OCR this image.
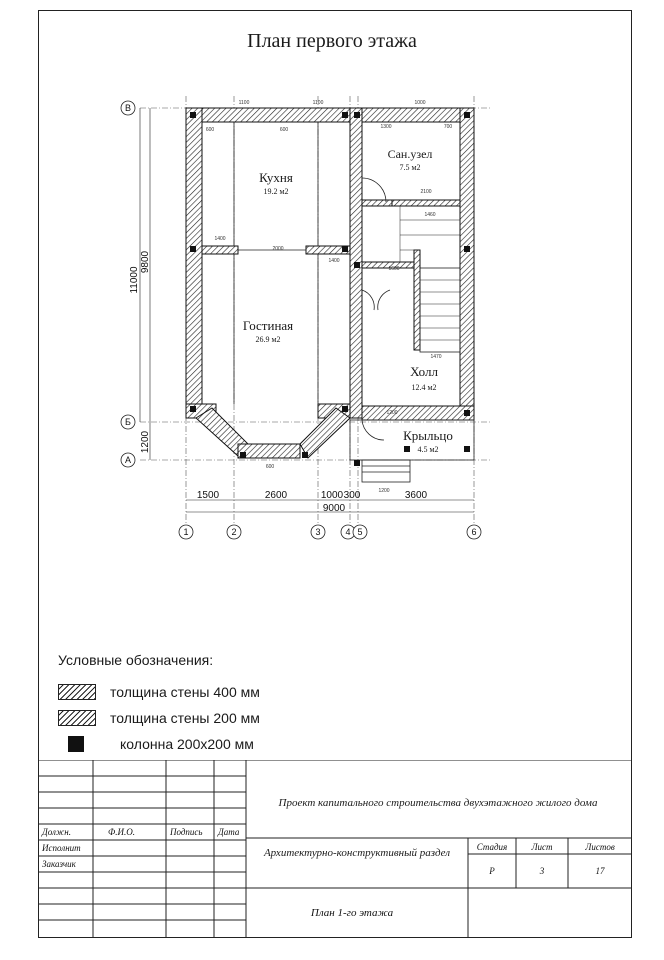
План первого этажа
Кухня
19.2 м2
Сан.узел
7.5 м2
Гостиная
26.9 м2
Холл
12.4 м2
Крыльцо
4.5 м2
1100	1100	1000
600	600	1300	700
1400
2000
1400
2100
1460
1600
1470
1200
600
1200
1500	2600	1000 300	3600
9000
11000
9800
1200
В
Б
А
1	2	3	4 5	6
Условные обозначения:
толщина стены 400 мм
толщина стены 200 мм
колонна 200х200 мм
Должн.	Ф.И.О.	Подпись Дата
Исполнит
Заказчик
Проект капитального строительства двухэтажного жилого дома
Архитектурно-конструктивный раздел	Стадия	Лист	Листов
Р	3	17
План 1-го этажа
